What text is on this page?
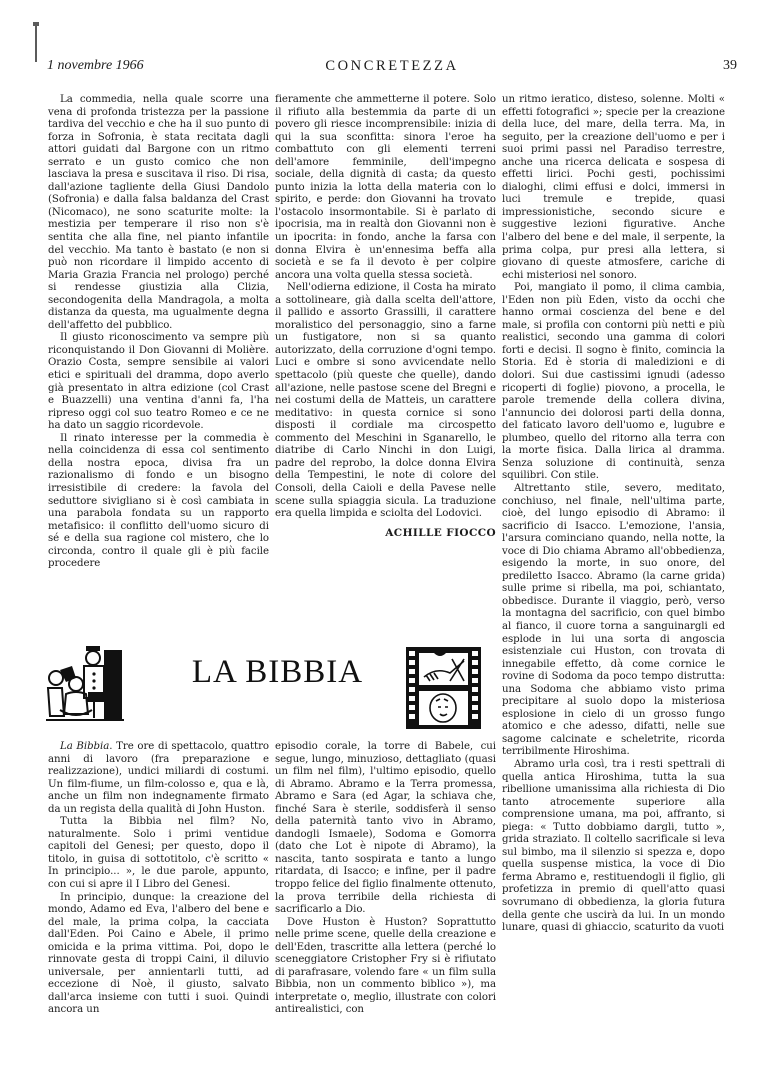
1 novembre 1966	CONCRETEZZA	39

La commedia, nella quale scorre una vena di profonda tristezza per la passione tardiva del vecchio e che ha il suo punto di forza in Sofronia, è stata recitata dagli attori guidati dal Bargone con un ritmo serrato e un gusto comico che non lasciava la presa e suscitava il riso. Di risa, dall'azione tagliente della Giusi Dandolo (Sofronia) e dalla falsa baldanza del Crast (Nicomaco), ne sono scaturite molte: la mestizia per temperare il riso non s'è sentita che alla fine, nel pianto infantile del vecchio. Ma tanto è bastato (e non si può non ricordare il limpido accento di Maria Grazia Francia nel prologo) perché si rendesse giustizia alla Clizia, secondogenita della Mandragola, a molta distanza da questa, ma ugualmente degna dell'affetto del pubblico.

Il giusto riconoscimento va sempre più riconquistando il Don Giovanni di Molière. Orazio Costa, sempre sensibile ai valori etici e spirituali del dramma, dopo averlo già presentato in altra edizione (col Crast e Buazzelli) una ventina d'anni fa, l'ha ripreso oggi col suo teatro Romeo e ce ne ha dato un saggio ricordevole.

Il rinato interesse per la commedia è nella coincidenza di essa col sentimento della nostra epoca, divisa fra un razionalismo di fondo e un bisogno irresistibile di credere: la favola del seduttore sivigliano si è così cambiata in una parabola fondata su un rapporto metafisico: il conflitto dell'uomo sicuro di sé e della sua ragione col mistero, che lo circonda, contro il quale gli è più facile procedere

fieramente che ammetterne il potere. Solo il rifiuto alla bestemmia da parte di un povero gli riesce incomprensibile: inizia di qui la sua sconfitta: sinora l'eroe ha combattuto con gli elementi terreni dell'amore femminile, dell'impegno sociale, della dignità di casta; da questo punto inizia la lotta della materia con lo spirito, e perde: don Giovanni ha trovato l'ostacolo insormontabile. Si è parlato di ipocrisia, ma in realtà don Giovanni non è un ipocrita: in fondo, anche la farsa con donna Elvira è un'ennesima beffa alla società e se fa il devoto è per colpire ancora una volta quella stessa società.

Nell'odierna edizione, il Costa ha mirato a sottolineare, già dalla scelta dell'attore, il pallido e assorto Grassilli, il carattere moralistico del personaggio, sino a farne un fustigatore, non si sa quanto autorizzato, della corruzione d'ogni tempo. Luci e ombre si sono avvicendate nello spettacolo (più queste che quelle), dando all'azione, nelle pastose scene del Bregni e nei costumi della de Matteis, un carattere meditativo: in questa cornice si sono disposti il cordiale ma circospetto commento del Meschini in Sganarello, le diatribe di Carlo Ninchi in don Luigi, padre del reprobo, la dolce donna Elvira della Tempestini, le note di colore del Consoli, della Caioli e della Pavese nelle scene sulla spiaggia sicula. La traduzione era quella limpida e sciolta del Lodovici.

ACHILLE FIOCCO

un ritmo ieratico, disteso, solenne. Molti « effetti fotografici »; specie per la creazione della luce, del mare, della terra. Ma, in seguito, per la creazione dell'uomo e per i suoi primi passi nel Paradiso terrestre, anche una ricerca delicata e sospesa di effetti lirici. Pochi gesti, pochissimi dialoghi, climi effusi e dolci, immersi in luci tremule e trepide, quasi impressionistiche, secondo sicure e suggestive lezioni figurative. Anche l'albero del bene e del male, il serpente, la prima colpa, pur presi alla lettera, si giovano di queste atmosfere, cariche di echi misteriosi nel sonoro.

Poi, mangiato il pomo, il clima cambia, l'Eden non più Eden, visto da occhi che hanno ormai coscienza del bene e del male, si profila con contorni più netti e più realistici, secondo una gamma di colori forti e decisi. Il sogno è finito, comincia la Storia. Ed è storia di maledizioni e di dolori. Sui due castissimi ignudi (adesso ricoperti di foglie) piovono, a procella, le parole tremende della collera divina, l'annuncio dei dolorosi parti della donna, del faticato lavoro dell'uomo e, lugubre e plumbeo, quello del ritorno alla terra con la morte fisica. Dalla lirica al dramma. Senza soluzione di continuità, senza squilibri. Con stile.

Altrettanto stile, severo, meditato, conchiuso, nel finale, nell'ultima parte, cioè, del lungo episodio di Abramo: il sacrificio di Isacco. L'emozione, l'ansia, l'arsura cominciano quando, nella notte, la voce di Dio chiama Abramo all'obbedienza, esigendo la morte, in suo onore, del prediletto Isacco. Abramo (la carne grida) sulle prime si ribella, ma poi, schiantato, obbedisce. Durante il viaggio, però, verso la montagna del sacrificio, con quel bimbo al fianco, il cuore torna a sanguinargli ed esplode in lui una sorta di angoscia esistenziale cui Huston, con trovata di innegabile effetto, dà come cornice le rovine di Sodoma da poco tempo distrutta: una Sodoma che abbiamo visto prima precipitare al suolo dopo la misteriosa esplosione in cielo di un grosso fungo atomico e che adesso, difatti, nelle sue sagome calcinate e scheletrite, ricorda terribilmente Hiroshima.

Abramo urla così, tra i resti spettrali di quella antica Hiroshima, tutta la sua ribellione umanissima alla richiesta di Dio tanto atrocemente superiore alla comprensione umana, ma poi, affranto, si piega: « Tutto dobbiamo dargli, tutto », grida straziato. Il coltello sacrificale si leva sul bimbo, ma il silenzio si spezza e, dopo quella suspense mistica, la voce di Dio ferma Abramo e, restituendogli il figlio, gli profetizza in premio di quell'atto quasi sovrumano di obbedienza, la gloria futura della gente che uscirà da lui. In un mondo lunare, quasi di ghiaccio, scaturito da vuoti

LA BIBBIA

La Bibbia. Tre ore di spettacolo, quattro anni di lavoro (fra preparazione e realizzazione), undici miliardi di costumi. Un film-fiume, un film-colosso e, qua e là, anche un film non indegnamente firmato da un regista della qualità di John Huston.

Tutta la Bibbia nel film? No, naturalmente. Solo i primi ventidue capitoli del Genesi; per questo, dopo il titolo, in guisa di sottotitolo, c'è scritto « In principio... », le due parole, appunto, con cui si apre il I Libro del Genesi.

In principio, dunque: la creazione del mondo, Adamo ed Eva, l'albero del bene e del male, la prima colpa, la cacciata dall'Eden. Poi Caino e Abele, il primo omicida e la prima vittima. Poi, dopo le rinnovate gesta di troppi Caini, il diluvio universale, per annientarli tutti, ad eccezione di Noè, il giusto, salvato dall'arca insieme con tutti i suoi. Quindi ancora un

episodio corale, la torre di Babele, cui segue, lungo, minuzioso, dettagliato (quasi un film nel film), l'ultimo episodio, quello di Abramo. Abramo e la Terra promessa, Abramo e Sara (ed Agar, la schiava che, finché Sara è sterile, soddisferà il senso della paternità tanto vivo in Abramo, dandogli Ismaele), Sodoma e Gomorra (dato che Lot è nipote di Abramo), la nascita, tanto sospirata e tanto a lungo ritardata, di Isacco; e infine, per il padre troppo felice del figlio finalmente ottenuto, la prova terribile della richiesta di sacrificarlo a Dio.

Dove Huston è Huston? Soprattutto nelle prime scene, quelle della creazione e dell'Eden, trascritte alla lettera (perché lo sceneggiatore Cristopher Fry si è rifiutato di parafrasare, volendo fare « un film sulla Bibbia, non un commento biblico »), ma interpretate o, meglio, illustrate con colori antirealistici, con
